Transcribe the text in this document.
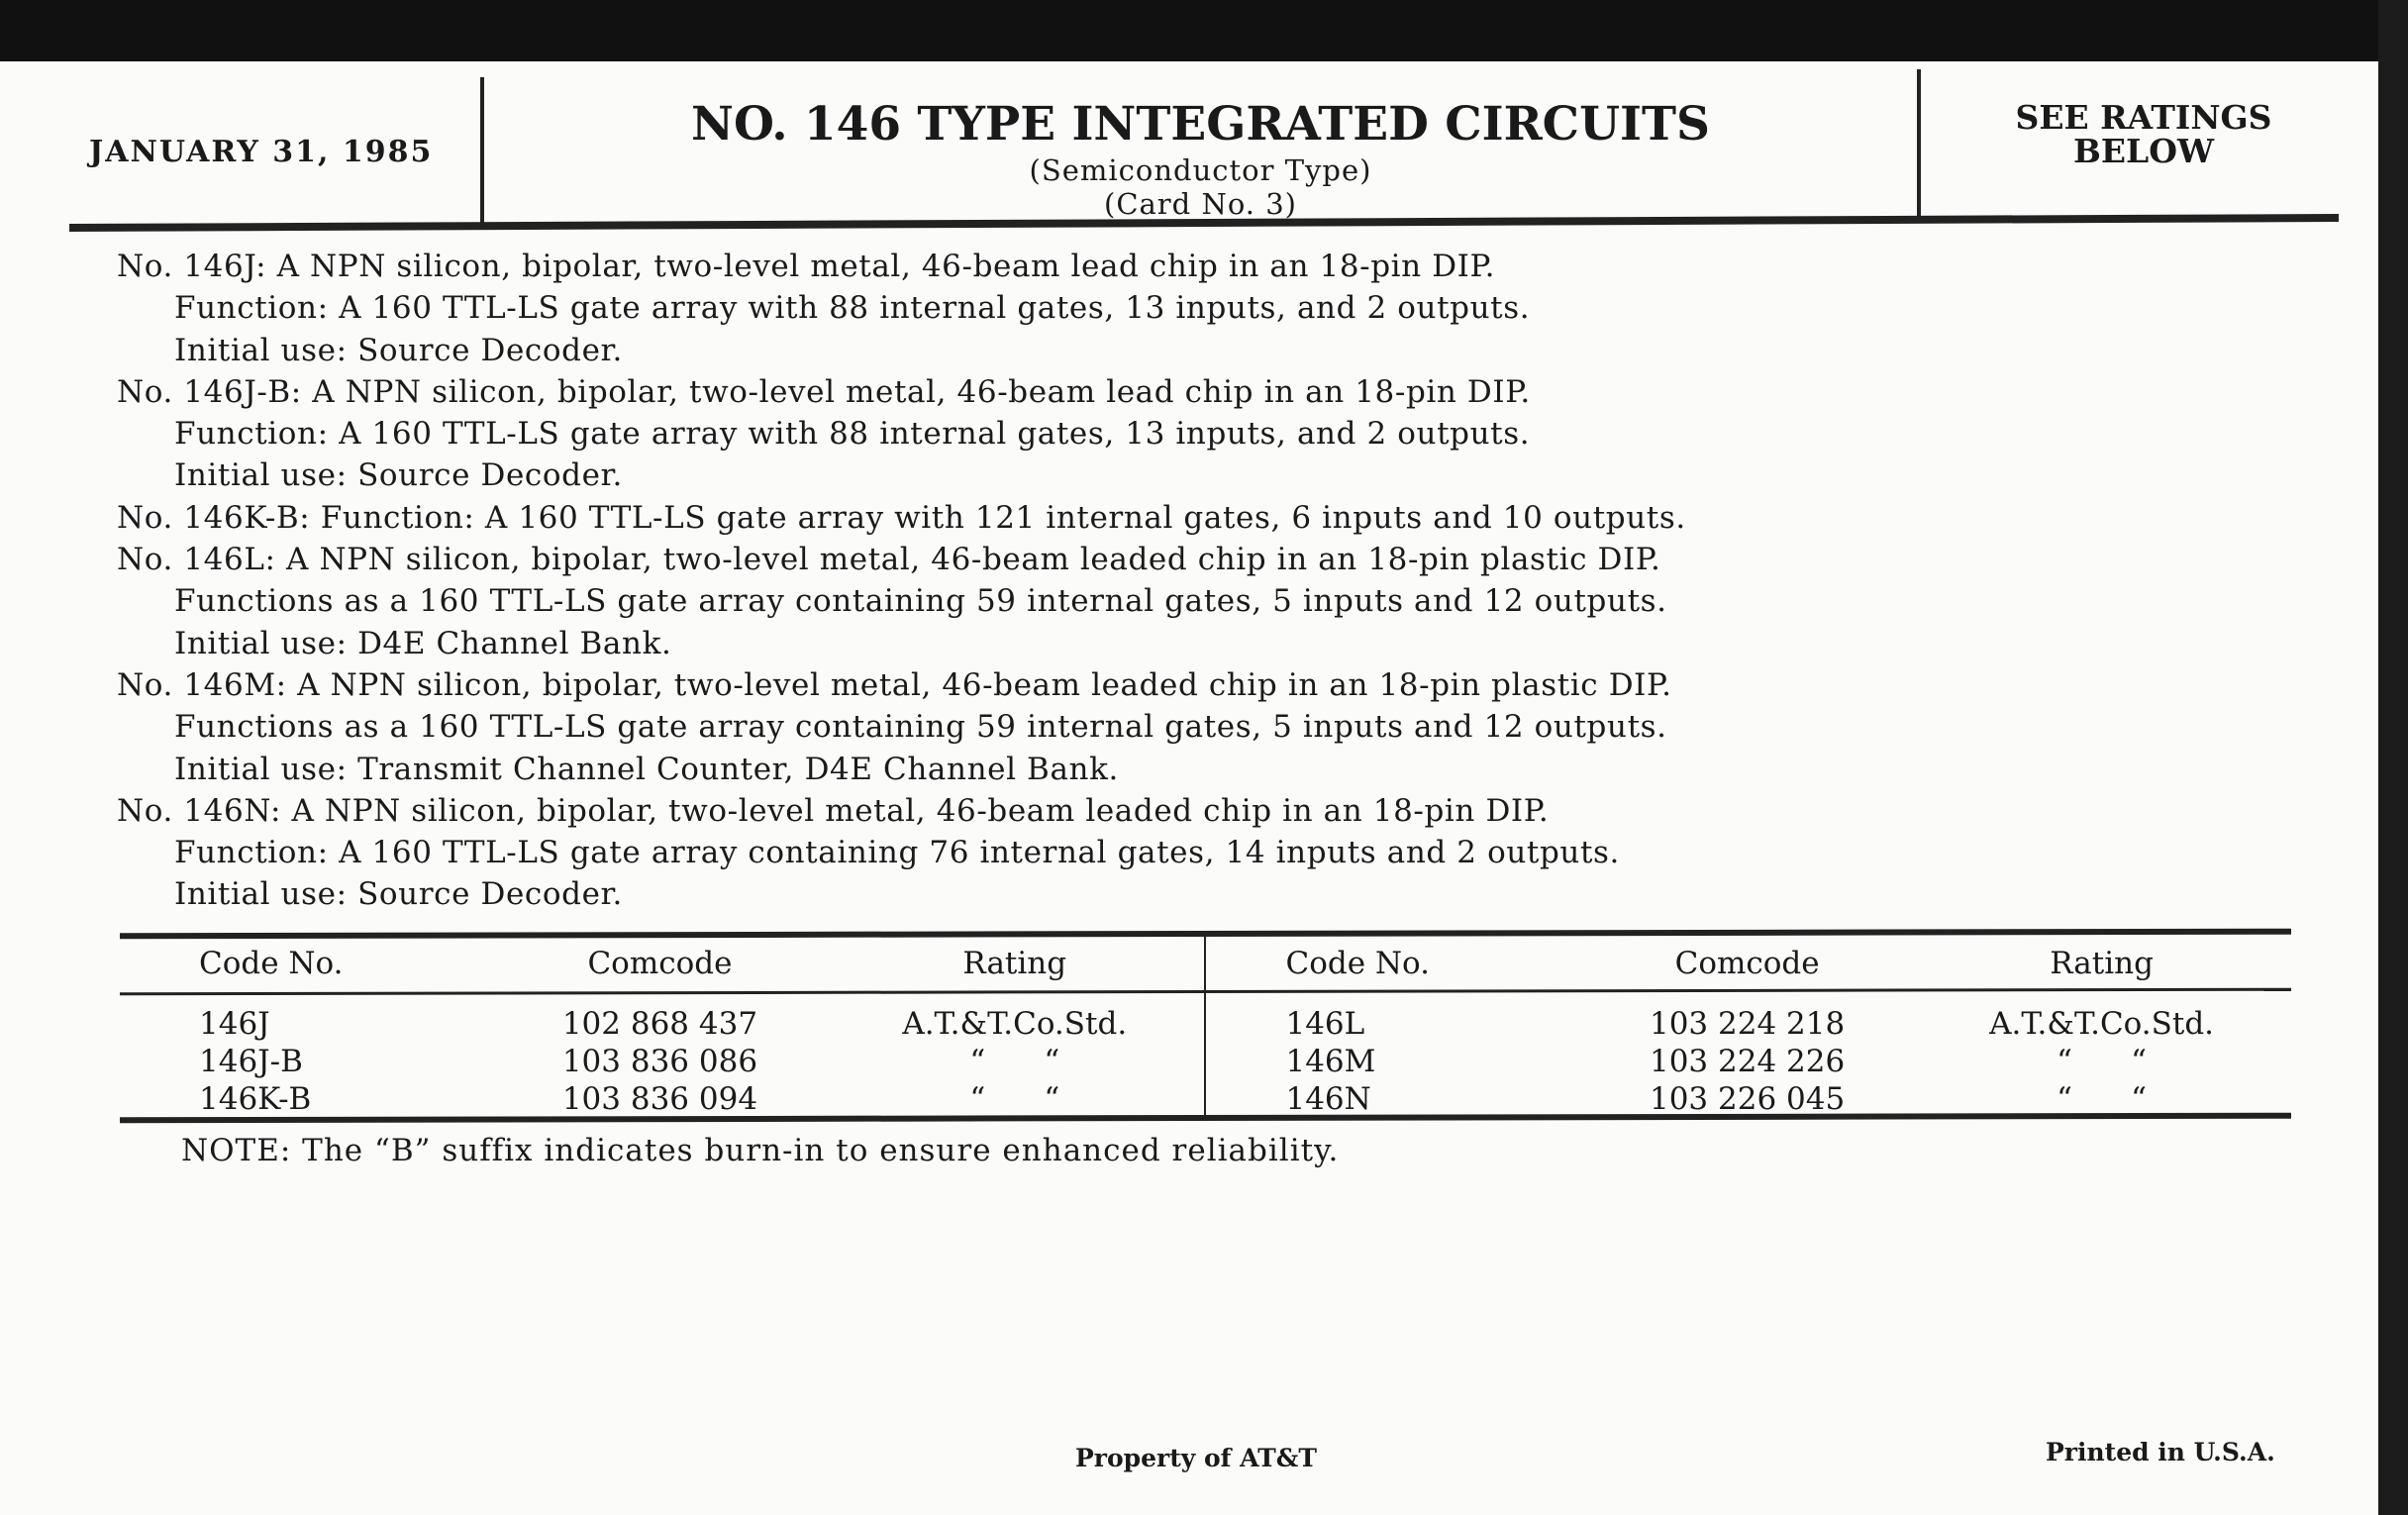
JANUARY 31, 1985
NO. 146 TYPE INTEGRATED CIRCUITS
(Semiconductor Type)
(Card No. 3)
SEE RATINGS
BELOW
No. 146J: A NPN silicon, bipolar, two-level metal, 46-beam lead chip in an 18-pin DIP.
Function: A 160 TTL-LS gate array with 88 internal gates, 13 inputs, and 2 outputs.
Initial use: Source Decoder.
No. 146J-B: A NPN silicon, bipolar, two-level metal, 46-beam lead chip in an 18-pin DIP.
Function: A 160 TTL-LS gate array with 88 internal gates, 13 inputs, and 2 outputs.
Initial use: Source Decoder.
No. 146K-B: Function: A 160 TTL-LS gate array with 121 internal gates, 6 inputs and 10 outputs.
No. 146L: A NPN silicon, bipolar, two-level metal, 46-beam leaded chip in an 18-pin plastic DIP.
Functions as a 160 TTL-LS gate array containing 59 internal gates, 5 inputs and 12 outputs.
Initial use: D4E Channel Bank.
No. 146M: A NPN silicon, bipolar, two-level metal, 46-beam leaded chip in an 18-pin plastic DIP.
Functions as a 160 TTL-LS gate array containing 59 internal gates, 5 inputs and 12 outputs.
Initial use: Transmit Channel Counter, D4E Channel Bank.
No. 146N: A NPN silicon, bipolar, two-level metal, 46-beam leaded chip in an 18-pin DIP.
Function: A 160 TTL-LS gate array containing 76 internal gates, 14 inputs and 2 outputs.
Initial use: Source Decoder.
Code No.	Comcode	Rating	Code No.	Comcode	Rating
146J	102 868 437	A.T.&T.Co.Std.	146L	103 224 218	A.T.&T.Co.Std.
146J-B	103 836 086	“      “	146M	103 224 226	“      “
146K-B	103 836 094	“      “	146N	103 226 045	“      “
NOTE: The “B” suffix indicates burn-in to ensure enhanced reliability.
Property of AT&T	Printed in U.S.A.
